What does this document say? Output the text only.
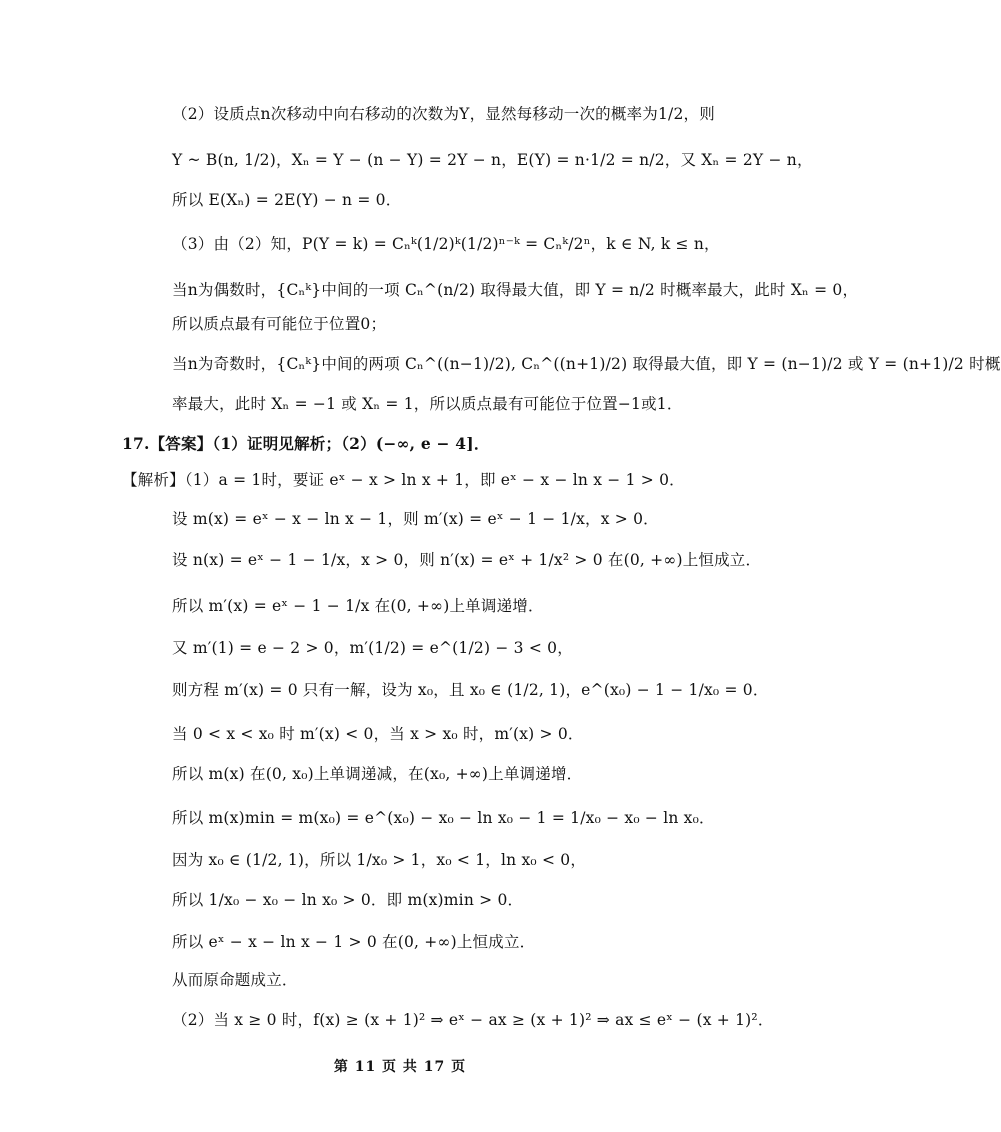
（2）设质点n次移动中向右移动的次数为Y，显然每移动一次的概率为1/2，则
Y ~ B(n, 1/2)，Xₙ = Y − (n − Y) = 2Y − n，E(Y) = n·1/2 = n/2，又 Xₙ = 2Y − n，
所以 E(Xₙ) = 2E(Y) − n = 0．
（3）由（2）知，P(Y = k) = Cₙᵏ(1/2)ᵏ(1/2)ⁿ⁻ᵏ = Cₙᵏ/2ⁿ，k ∈ N, k ≤ n，
当n为偶数时，{Cₙᵏ}中间的一项 Cₙ^(n/2) 取得最大值，即 Y = n/2 时概率最大，此时 Xₙ = 0，
所以质点最有可能位于位置0；
当n为奇数时，{Cₙᵏ}中间的两项 Cₙ^((n−1)/2), Cₙ^((n+1)/2) 取得最大值，即 Y = (n−1)/2 或 Y = (n+1)/2 时概
率最大，此时 Xₙ = −1 或 Xₙ = 1，所以质点最有可能位于位置−1或1．
17.【答案】（1）证明见解析；（2）(−∞, e − 4]．
【解析】（1）a = 1时，要证 eˣ − x > ln x + 1，即 eˣ − x − ln x − 1 > 0．
设 m(x) = eˣ − x − ln x − 1，则 m′(x) = eˣ − 1 − 1/x，x > 0．
设 n(x) = eˣ − 1 − 1/x，x > 0，则 n′(x) = eˣ + 1/x² > 0 在(0, +∞)上恒成立．
所以 m′(x) = eˣ − 1 − 1/x 在(0, +∞)上单调递增．
又 m′(1) = e − 2 > 0，m′(1/2) = e^(1/2) − 3 < 0，
则方程 m′(x) = 0 只有一解，设为 x₀，且 x₀ ∈ (1/2, 1)，e^(x₀) − 1 − 1/x₀ = 0．
当 0 < x < x₀ 时 m′(x) < 0，当 x > x₀ 时，m′(x) > 0．
所以 m(x) 在(0, x₀)上单调递减，在(x₀, +∞)上单调递增．
所以 m(x)min = m(x₀) = e^(x₀) − x₀ − ln x₀ − 1 = 1/x₀ − x₀ − ln x₀．
因为 x₀ ∈ (1/2, 1)，所以 1/x₀ > 1，x₀ < 1，ln x₀ < 0，
所以 1/x₀ − x₀ − ln x₀ > 0．即 m(x)min > 0．
所以 eˣ − x − ln x − 1 > 0 在(0, +∞)上恒成立．
从而原命题成立．
（2）当 x ≥ 0 时，f(x) ≥ (x + 1)² ⇒ eˣ − ax ≥ (x + 1)² ⇒ ax ≤ eˣ − (x + 1)²．
第 11 页 共 17 页
